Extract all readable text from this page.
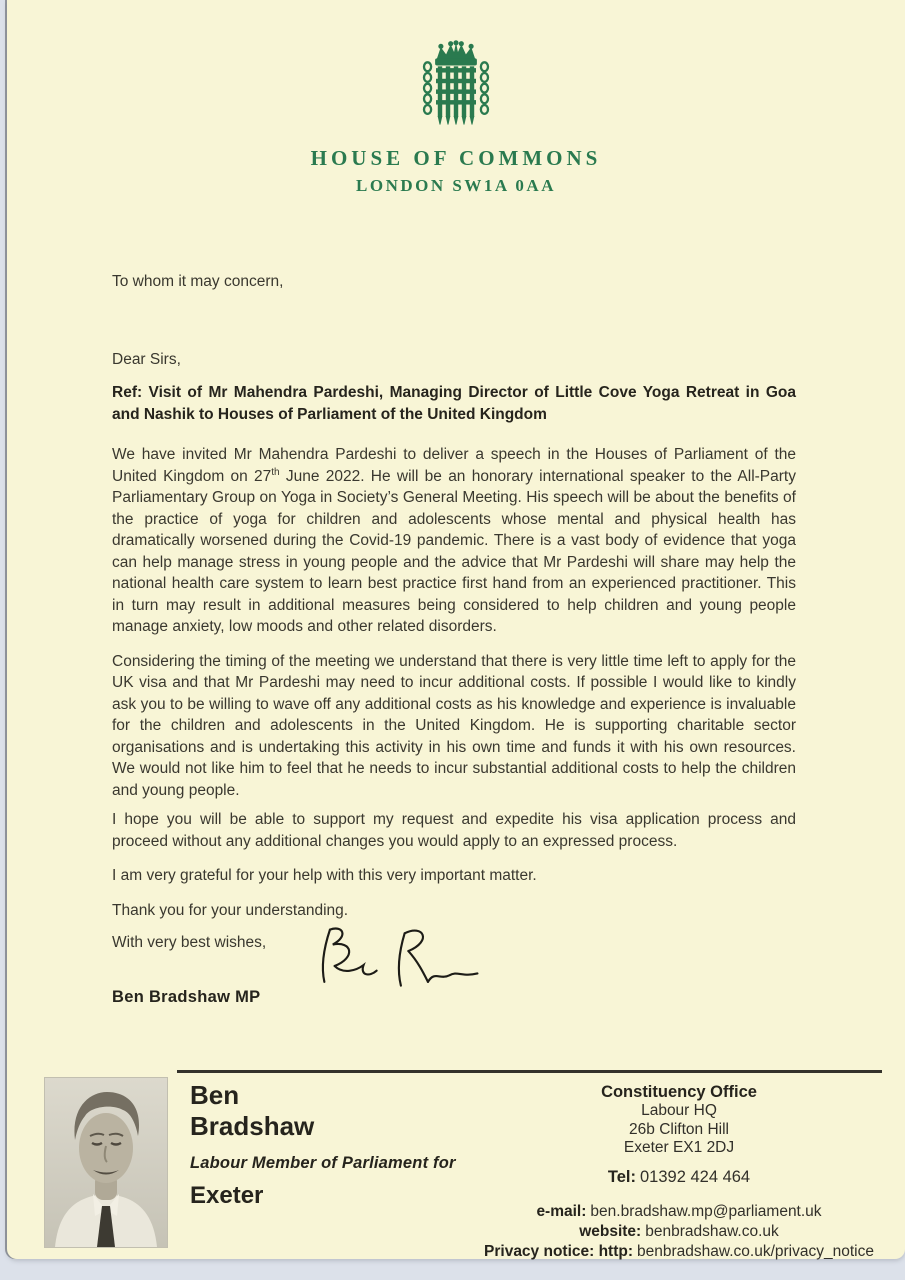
HOUSE OF COMMONS
LONDON SW1A 0AA

To whom it may concern,

Dear Sirs,

Ref: Visit of Mr Mahendra Pardeshi, Managing Director of Little Cove Yoga Retreat in Goa and Nashik to Houses of Parliament of the United Kingdom

We have invited Mr Mahendra Pardeshi to deliver a speech in the Houses of Parliament of the United Kingdom on 27th June 2022. He will be an honorary international speaker to the All-Party Parliamentary Group on Yoga in Society’s General Meeting. His speech will be about the benefits of the practice of yoga for children and adolescents whose mental and physical health has dramatically worsened during the Covid-19 pandemic. There is a vast body of evidence that yoga can help manage stress in young people and the advice that Mr Pardeshi will share may help the national health care system to learn best practice first hand from an experienced practitioner. This in turn may result in additional measures being considered to help children and young people manage anxiety, low moods and other related disorders.

Considering the timing of the meeting we understand that there is very little time left to apply for the UK visa and that Mr Pardeshi may need to incur additional costs. If possible I would like to kindly ask you to be willing to wave off any additional costs as his knowledge and experience is invaluable for the children and adolescents in the United Kingdom. He is supporting charitable sector organisations and is undertaking this activity in his own time and funds it with his own resources. We would not like him to feel that he needs to incur substantial additional costs to help the children and young people.

I hope you will be able to support my request and expedite his visa application process and proceed without any additional changes you would apply to an expressed process.

I am very grateful for your help with this very important matter.

Thank you for your understanding.

With very best wishes,

Ben Bradshaw MP
Ben
Bradshaw
Labour Member of Parliament for
Exeter
Constituency Office
Labour HQ
26b Clifton Hill
Exeter EX1 2DJ
Tel: 01392 424 464
e-mail: ben.bradshaw.mp@parliament.uk
website: benbradshaw.co.uk
Privacy notice: http: benbradshaw.co.uk/privacy_notice
